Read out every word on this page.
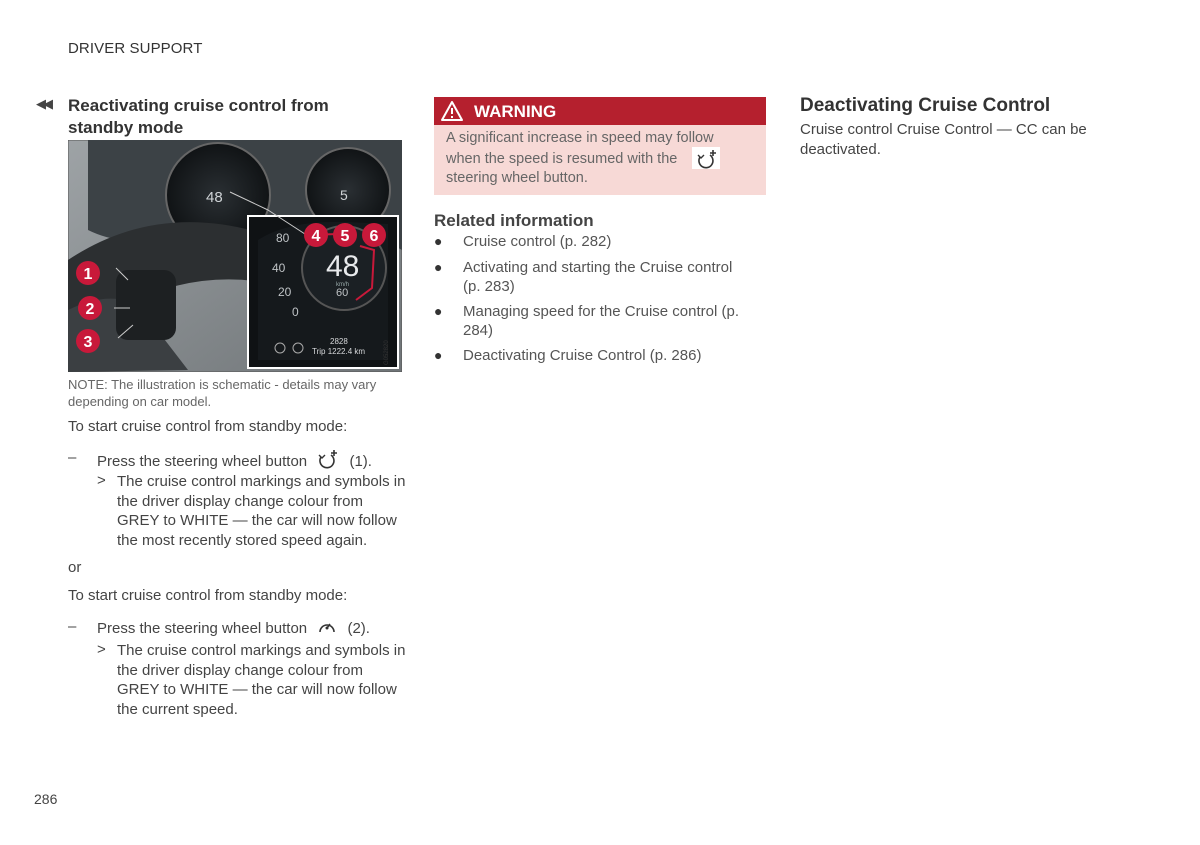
DRIVER SUPPORT
◀◀ Reactivating cruise control from standby mode
48	5
48
80
40
20
0
60
km/h
2828
Trip 1222.4 km	G052820
1
2
3
4 5 6
NOTE: The illustration is schematic - details may vary depending on car model.
To start cruise control from standby mode:
– Press the steering wheel button	(1).
> The cruise control markings and symbols in the driver display change colour from GREY to WHITE — the car will now follow the most recently stored speed again.
or
To start cruise control from standby mode:
– Press the steering wheel button	(2).
> The cruise control markings and symbols in the driver display change colour from GREY to WHITE — the car will now follow the current speed.
286
WARNING
A significant increase in speed may follow
when the speed is resumed with the
steering wheel button.
Related information
● Cruise control (p. 282)
● Activating and starting the Cruise control (p. 283)
● Managing speed for the Cruise control (p. 284)
● Deactivating Cruise Control (p. 286)
Deactivating Cruise Control
Cruise control Cruise Control — CC can be deactivated.
